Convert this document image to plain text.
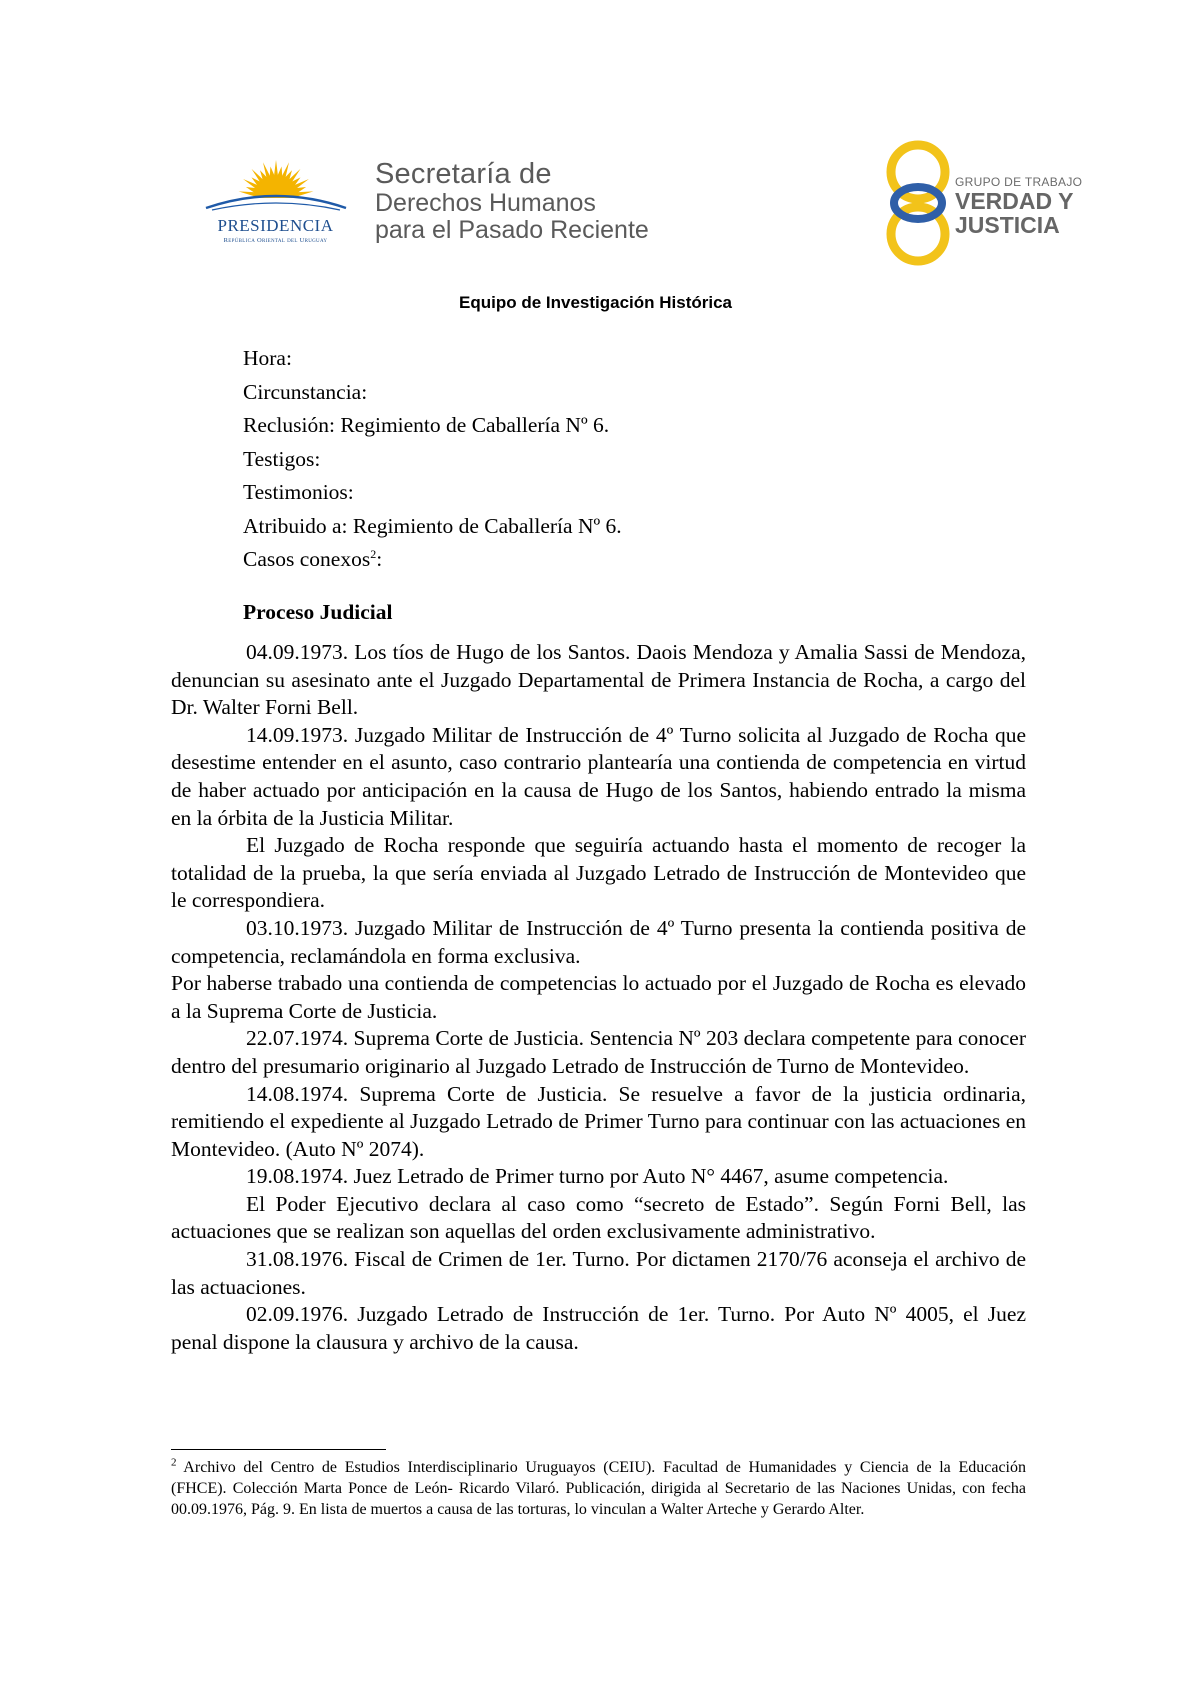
PRESIDENCIA
República Oriental del Uruguay
Secretaría de
Derechos Humanos
para el Pasado Reciente
GRUPO DE TRABAJO
VERDAD Y
JUSTICIA
Equipo de Investigación Histórica
Hora:
Circunstancia:
Reclusión: Regimiento de Caballería Nº 6.
Testigos:
Testimonios:
Atribuido a: Regimiento de Caballería Nº 6.
Casos conexos$^2$:
Proceso Judicial

04.09.1973. Los tíos de Hugo de los Santos. Daois Mendoza y Amalia Sassi de Mendoza, denuncian su asesinato ante el Juzgado Departamental de Primera Instancia de Rocha, a cargo del Dr. Walter Forni Bell.

14.09.1973. Juzgado Militar de Instrucción de 4º Turno solicita al Juzgado de Rocha que desestime entender en el asunto, caso contrario plantearía una contienda de competencia en virtud de haber actuado por anticipación en la causa de Hugo de los Santos, habiendo entrado la misma en la órbita de la Justicia Militar.

El Juzgado de Rocha responde que seguiría actuando hasta el momento de recoger la totalidad de la prueba, la que sería enviada al Juzgado Letrado de Instrucción de Montevideo que le correspondiera.

03.10.1973. Juzgado Militar de Instrucción de 4º Turno presenta la contienda positiva de competencia, reclamándola en forma exclusiva.

Por haberse trabado una contienda de competencias lo actuado por el Juzgado de Rocha es elevado a la Suprema Corte de Justicia.

22.07.1974. Suprema Corte de Justicia. Sentencia Nº 203 declara competente para conocer dentro del presumario originario al Juzgado Letrado de Instrucción de Turno de Montevideo.

14.08.1974. Suprema Corte de Justicia. Se resuelve a favor de la justicia ordinaria, remitiendo el expediente al Juzgado Letrado de Primer Turno para continuar con las actuaciones en Montevideo. (Auto Nº 2074).

19.08.1974. Juez Letrado de Primer turno por Auto N° 4467, asume competencia.

El Poder Ejecutivo declara al caso como “secreto de Estado”. Según Forni Bell, las actuaciones que se realizan son aquellas del orden exclusivamente administrativo.

31.08.1976. Fiscal de Crimen de 1er. Turno. Por dictamen 2170/76 aconseja el archivo de las actuaciones.

02.09.1976. Juzgado Letrado de Instrucción de 1er. Turno. Por Auto Nº 4005, el Juez penal dispone la clausura y archivo de la causa.

$^2$ Archivo del Centro de Estudios Interdisciplinario Uruguayos (CEIU). Facultad de Humanidades y Ciencia de la Educación (FHCE). Colección Marta Ponce de León- Ricardo Vilaró. Publicación, dirigida al Secretario de las Naciones Unidas, con fecha 00.09.1976, Pág. 9. En lista de muertos a causa de las torturas, lo vinculan a Walter Arteche y Gerardo Alter.
